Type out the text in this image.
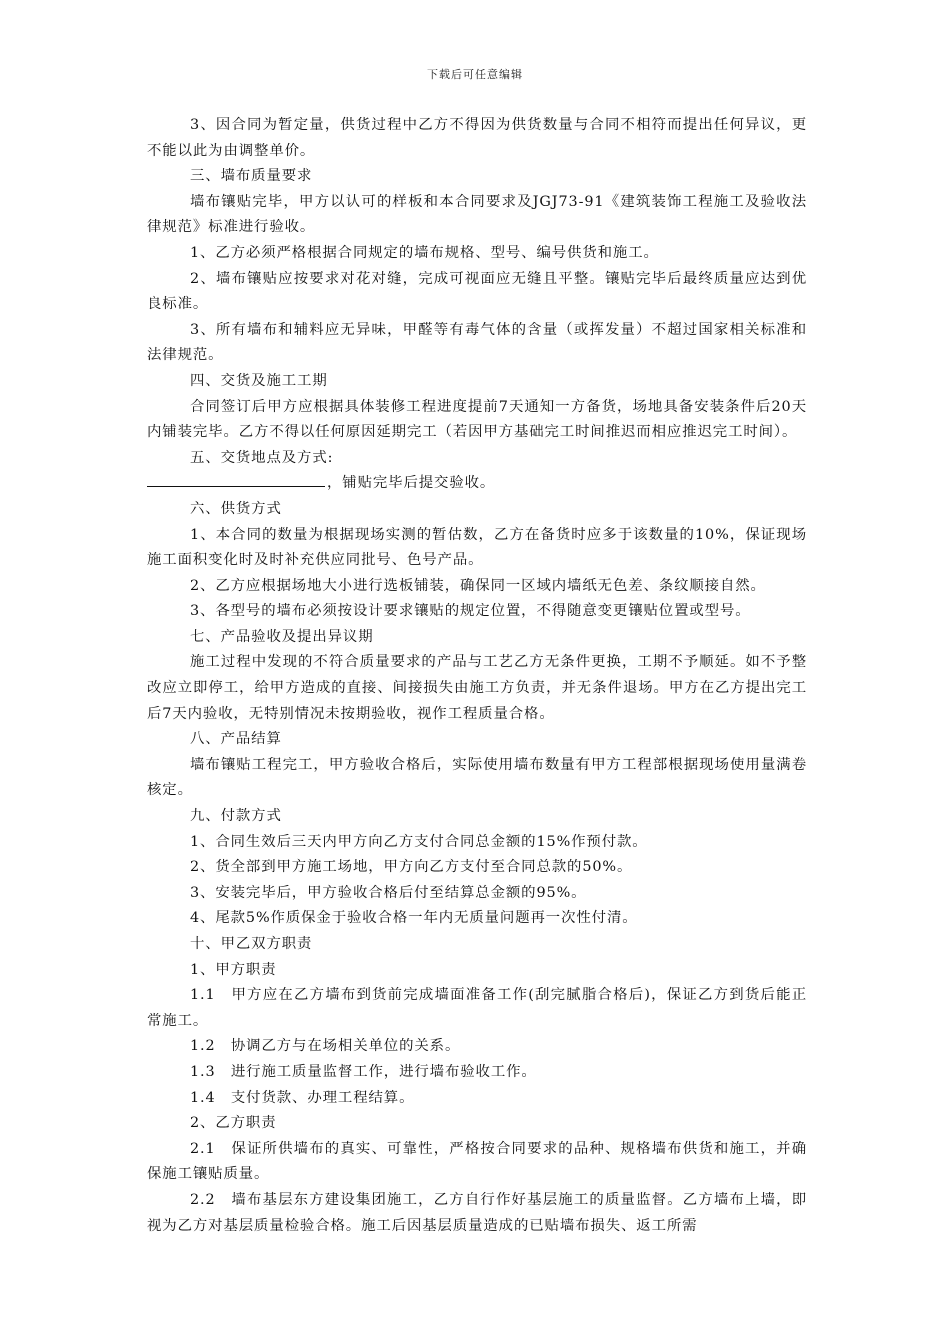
下载后可任意编辑

3、因合同为暂定量，供货过程中乙方不得因为供货数量与合同不相符而提出任何异议，更不能以此为由调整单价。

三、墙布质量要求

墙布镶贴完毕，甲方以认可的样板和本合同要求及JGJ73-91《建筑装饰工程施工及验收法律规范》标准进行验收。

1、乙方必须严格根据合同规定的墙布规格、型号、编号供货和施工。

2、墙布镶贴应按要求对花对缝，完成可视面应无缝且平整。镶贴完毕后最终质量应达到优良标准。

3、所有墙布和辅料应无异味，甲醛等有毒气体的含量（或挥发量）不超过国家相关标准和法律规范。

四、交货及施工工期

合同签订后甲方应根据具体装修工程进度提前7天通知一方备货，场地具备安装条件后20天内铺装完毕。乙方不得以任何原因延期完工（若因甲方基础完工时间推迟而相应推迟完工时间）。

五、交货地点及方式:

，铺贴完毕后提交验收。

六、供货方式

1、本合同的数量为根据现场实测的暂估数，乙方在备货时应多于该数量的10%，保证现场施工面积变化时及时补充供应同批号、色号产品。

2、乙方应根据场地大小进行选板铺装，确保同一区域内墙纸无色差、条纹顺接自然。

3、各型号的墙布必须按设计要求镶贴的规定位置，不得随意变更镶贴位置或型号。

七、产品验收及提出异议期

施工过程中发现的不符合质量要求的产品与工艺乙方无条件更换，工期不予顺延。如不予整改应立即停工，给甲方造成的直接、间接损失由施工方负责，并无条件退场。甲方在乙方提出完工后7天内验收，无特别情况未按期验收，视作工程质量合格。

八、产品结算

墙布镶贴工程完工，甲方验收合格后，实际使用墙布数量有甲方工程部根据现场使用量满卷核定。

九、付款方式

1、合同生效后三天内甲方向乙方支付合同总金额的15%作预付款。

2、货全部到甲方施工场地，甲方向乙方支付至合同总款的50%。

3、安装完毕后，甲方验收合格后付至结算总金额的95%。

4、尾款5%作质保金于验收合格一年内无质量问题再一次性付清。

十、甲乙双方职责

1、甲方职责

1.1　甲方应在乙方墙布到货前完成墙面准备工作(刮完腻脂合格后)，保证乙方到货后能正常施工。

1.2　协调乙方与在场相关单位的关系。

1.3　进行施工质量监督工作，进行墙布验收工作。

1.4　支付货款、办理工程结算。

2、乙方职责

2.1　保证所供墙布的真实、可靠性，严格按合同要求的品种、规格墙布供货和施工，并确保施工镶贴质量。

2.2　墙布基层东方建设集团施工，乙方自行作好基层施工的质量监督。乙方墙布上墙，即视为乙方对基层质量检验合格。施工后因基层质量造成的已贴墙布损失、返工所需
